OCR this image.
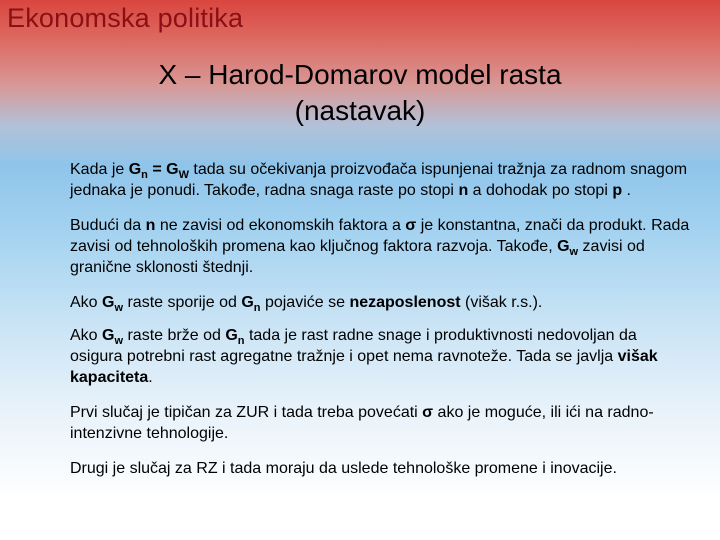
Ekonomska politika
X – Harod-Domarov model rasta
(nastavak)

Kada je $G_n = G_W$ tada su očekivanja proizvođača ispunjenai tražnja za radnom snagom jednaka je ponudi. Takođe, radna snaga raste po stopi n a dohodak po stopi p .

Budući da n ne zavisi od ekonomskih faktora a σ je konstantna, znači da produkt. Rada zavisi od tehnoloških promena kao ključnog faktora razvoja. Takođe, $G_w$ zavisi od granične sklonosti štednji.

Ako $G_w$ raste sporije od $G_n$ pojaviće se nezaposlenost (višak r.s.).

Ako $G_w$ raste brže od $G_n$ tada je rast radne snage i produktivnosti nedovoljan da osigura potrebni rast agregatne tražnje i opet nema ravnoteže. Tada se javlja višak kapaciteta.

Prvi slučaj je tipičan za ZUR i tada treba povećati σ ako je moguće, ili ići na radno-intenzivne tehnologije.

Drugi je slučaj za RZ i tada moraju da uslede tehnološke promene i inovacije.
